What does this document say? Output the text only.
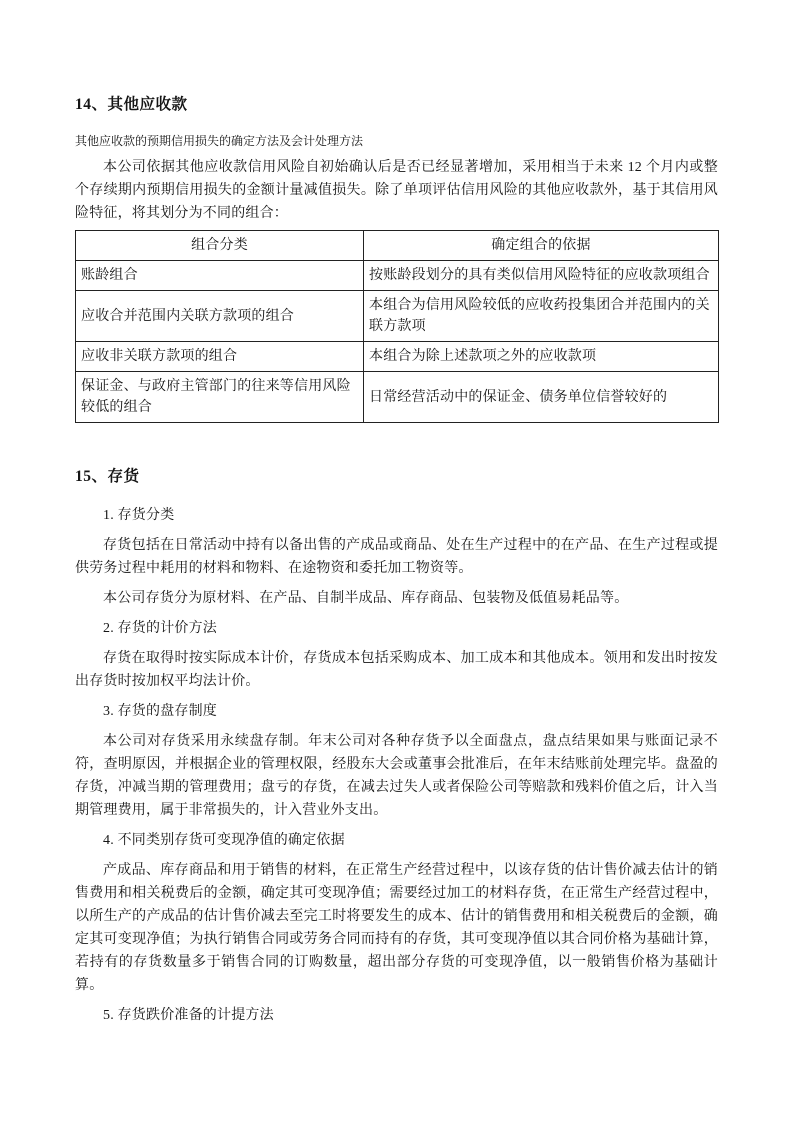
14、其他应收款

其他应收款的预期信用损失的确定方法及会计处理方法

本公司依据其他应收款信用风险自初始确认后是否已经显著增加，采用相当于未来 12 个月内或整个存续期内预期信用损失的金额计量减值损失。除了单项评估信用风险的其他应收款外，基于其信用风险特征，将其划分为不同的组合：

组合分类	确定组合的依据
账龄组合	按账龄段划分的具有类似信用风险特征的应收款项组合
应收合并范围内关联方款项的组合	本组合为信用风险较低的应收药投集团合并范围内的关联方款项
应收非关联方款项的组合	本组合为除上述款项之外的应收款项
保证金、与政府主管部门的往来等信用风险较低的组合	日常经营活动中的保证金、债务单位信誉较好的
15、存货

1. 存货分类

存货包括在日常活动中持有以备出售的产成品或商品、处在生产过程中的在产品、在生产过程或提供劳务过程中耗用的材料和物料、在途物资和委托加工物资等。

本公司存货分为原材料、在产品、自制半成品、库存商品、包装物及低值易耗品等。

2. 存货的计价方法

存货在取得时按实际成本计价，存货成本包括采购成本、加工成本和其他成本。领用和发出时按发出存货时按加权平均法计价。

3. 存货的盘存制度

本公司对存货采用永续盘存制。年末公司对各种存货予以全面盘点，盘点结果如果与账面记录不符，查明原因，并根据企业的管理权限，经股东大会或董事会批准后，在年末结账前处理完毕。盘盈的存货，冲减当期的管理费用；盘亏的存货，在减去过失人或者保险公司等赔款和残料价值之后，计入当期管理费用，属于非常损失的，计入营业外支出。

4. 不同类别存货可变现净值的确定依据

产成品、库存商品和用于销售的材料，在正常生产经营过程中，以该存货的估计售价减去估计的销售费用和相关税费后的金额，确定其可变现净值；需要经过加工的材料存货，在正常生产经营过程中，以所生产的产成品的估计售价减去至完工时将要发生的成本、估计的销售费用和相关税费后的金额，确定其可变现净值；为执行销售合同或劳务合同而持有的存货，其可变现净值以其合同价格为基础计算，若持有的存货数量多于销售合同的订购数量，超出部分存货的可变现净值，以一般销售价格为基础计算。

5. 存货跌价准备的计提方法
